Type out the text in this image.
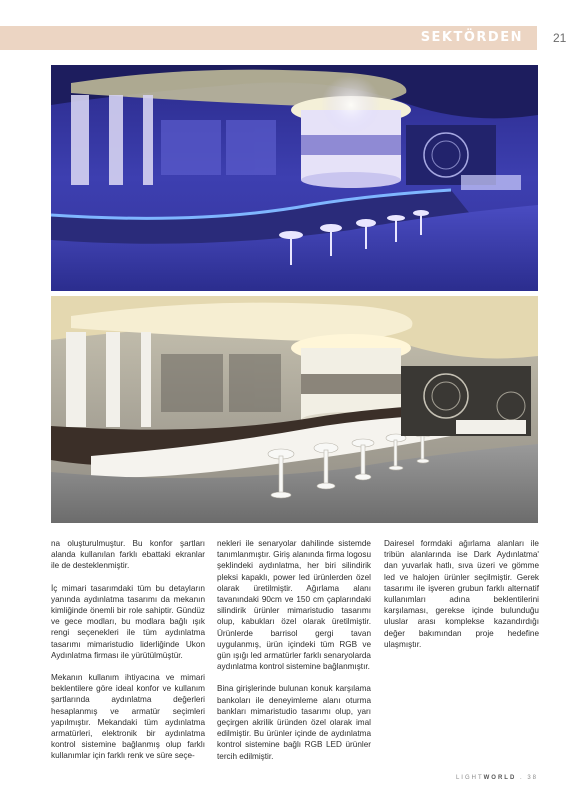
SEKTÖRDEN	21

na oluşturulmuştur. Bu konfor şartları alanda kullanılan farklı ebattaki ekranlar ile de desteklenmiştir.

İç mimari tasarımdaki tüm bu detayların yanında aydınlatma tasarımı da mekanın kimliğinde önemli bir role sahiptir. Gündüz ve gece modları, bu modlara bağlı ışık rengi seçenekleri ile tüm aydınlatma tasarımı mimaristudio liderliğinde Ukon Aydınlatma firması ile yürütülmüştür.

Mekanın kullanım ihtiyacına ve mimari beklentilere göre ideal konfor ve kullanım şartlarında aydınlatma değerleri hesaplanmış ve armatür seçimleri yapılmıştır. Mekandaki tüm aydınlatma armatürleri, elektronik bir aydınlatma kontrol sistemine bağlanmış olup farklı kullanımlar için farklı renk ve süre seçe-

nekleri ile senaryolar dahilinde sistemde tanımlanmıştır. Giriş alanında firma logosu şeklindeki aydınlatma, her biri silindirik pleksi kapaklı, power led ürünlerden özel olarak üretilmiştir. Ağırlama alanı tavanındaki 90cm ve 150 cm çaplarındaki silindirik ürünler mimaristudio tasarımı olup, kabukları özel olarak üretilmiştir. Ürünlerde barrisol gergi tavan uygulanmış, ürün içindeki tüm RGB ve gün ışığı led armatürler farklı senaryolarda aydınlatma kontrol sistemine bağlanmıştır.

Bina girişlerinde bulunan konuk karşılama bankoları ile deneyimleme alanı oturma bankları mimaristudio tasarımı olup, yarı geçirgen akrilik üründen özel olarak imal edilmiştir. Bu ürünler içinde de aydınlatma kontrol sistemine bağlı RGB LED ürünler tercih edilmiştir.

Dairesel formdaki ağırlama alanları ile tribün alanlarında ise Dark Aydınlatma' dan yuvarlak hatlı, sıva üzeri ve gömme led ve halojen ürünler seçilmiştir. Gerek tasarımı ile işveren grubun farklı alternatif kullanımları adına beklentilerini karşılaması, gerekse içinde bulunduğu uluslar arası komplekse kazandırdığı değer bakımından proje hedefine ulaşmıştır.

LIGHTWORLD . 38
